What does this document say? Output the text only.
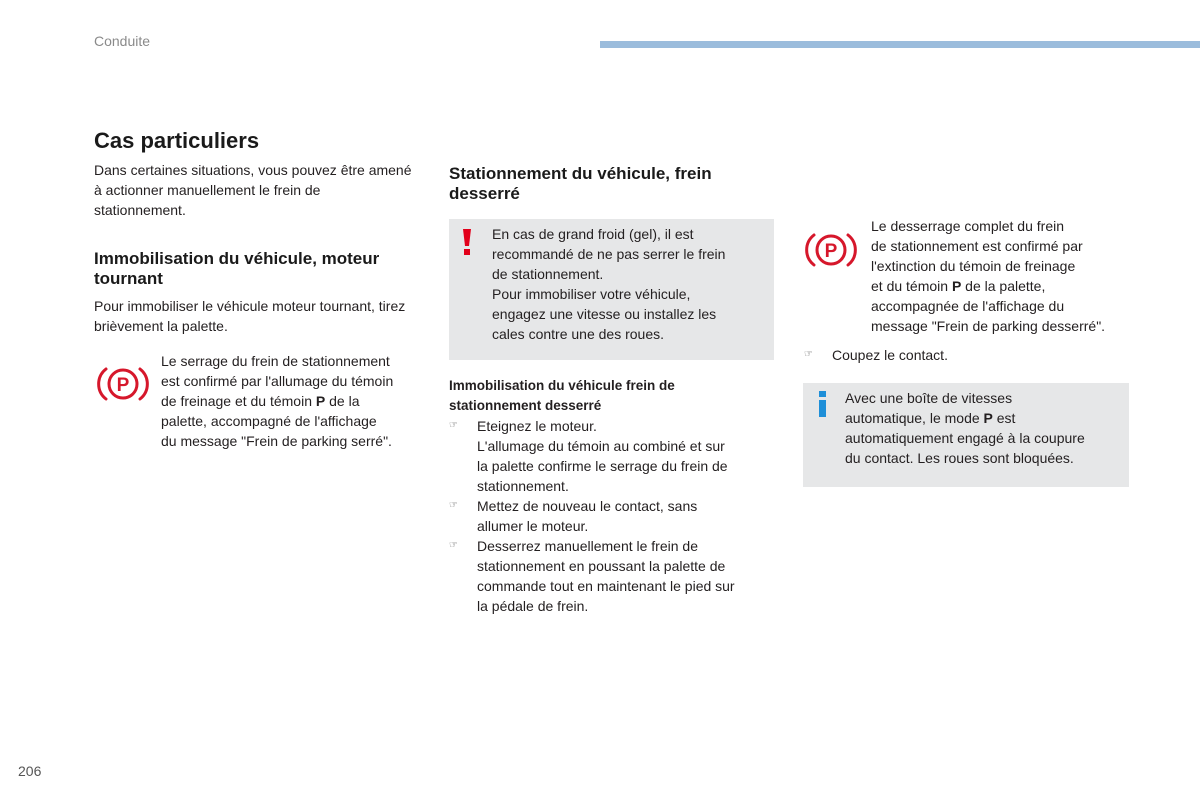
Conduite
Cas particuliers
Dans certaines situations, vous pouvez être amené à actionner manuellement le frein de stationnement.
Immobilisation du véhicule, moteur tournant
Pour immobiliser le véhicule moteur tournant, tirez brièvement la palette.
P
Le serrage du frein de stationnement
est confirmé par l'allumage du témoin
de freinage et du témoin P de la
palette, accompagné de l'affichage
du message "Frein de parking serré".
Stationnement du véhicule, frein desserré
En cas de grand froid (gel), il est
recommandé de ne pas serrer le frein
de stationnement.
Pour immobiliser votre véhicule,
engagez une vitesse ou installez les
cales contre une des roues.
Immobilisation du véhicule frein de stationnement desserré
☞	Eteignez le moteur.
L'allumage du témoin au combiné et sur
la palette confirme le serrage du frein de
stationnement.
☞	Mettez de nouveau le contact, sans
allumer le moteur.
☞	Desserrez manuellement le frein de
stationnement en poussant la palette de
commande tout en maintenant le pied sur
la pédale de frein.
P
Le desserrage complet du frein
de stationnement est confirmé par
l'extinction du témoin de freinage
et du témoin P de la palette,
accompagnée de l'affichage du
message "Frein de parking desserré".
☞	Coupez le contact.
Avec une boîte de vitesses
automatique, le mode P est
automatiquement engagé à la coupure
du contact. Les roues sont bloquées.
206
